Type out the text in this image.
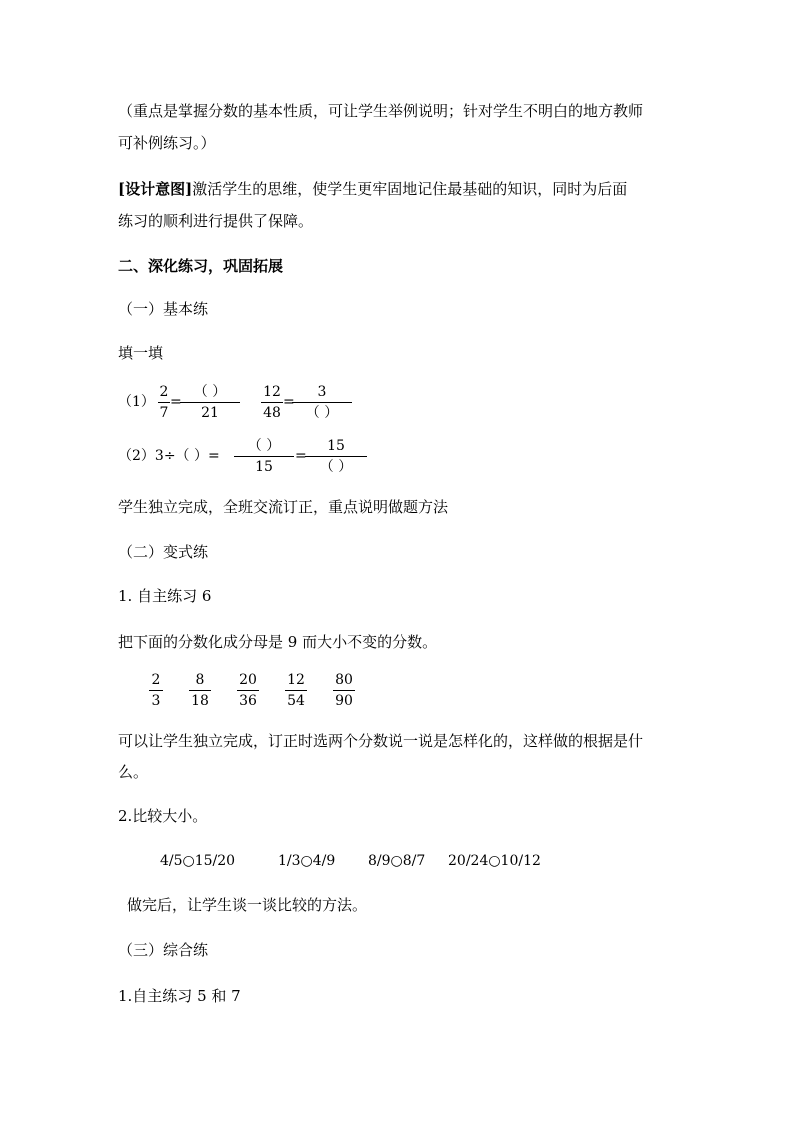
（重点是掌握分数的基本性质，可让学生举例说明；针对学生不明白的地方教师
可补例练习。）
[设计意图]激活学生的思维，使学生更牢固地记住最基础的知识，同时为后面
练习的顺利进行提供了保障。
二、深化练习，巩固拓展
（一）基本练
填一填
（1）
2
7
=
（ ）
21
12
48
=
3
（ ）
（2）3÷（ ）=
（ ）
15
=
15
（ ）
学生独立完成，全班交流订正，重点说明做题方法
（二）变式练
1. 自主练习 6
把下面的分数化成分母是 9 而大小不变的分数。
2
3
8
18
20
36
12
54
80
90
可以让学生独立完成，订正时选两个分数说一说是怎样化的，这样做的根据是什
么。
2.比较大小。
4/5○15/20	1/3○4/9 8/9○8/7 20/24○10/12
做完后，让学生谈一谈比较的方法。
（三）综合练
1.自主练习 5 和 7
